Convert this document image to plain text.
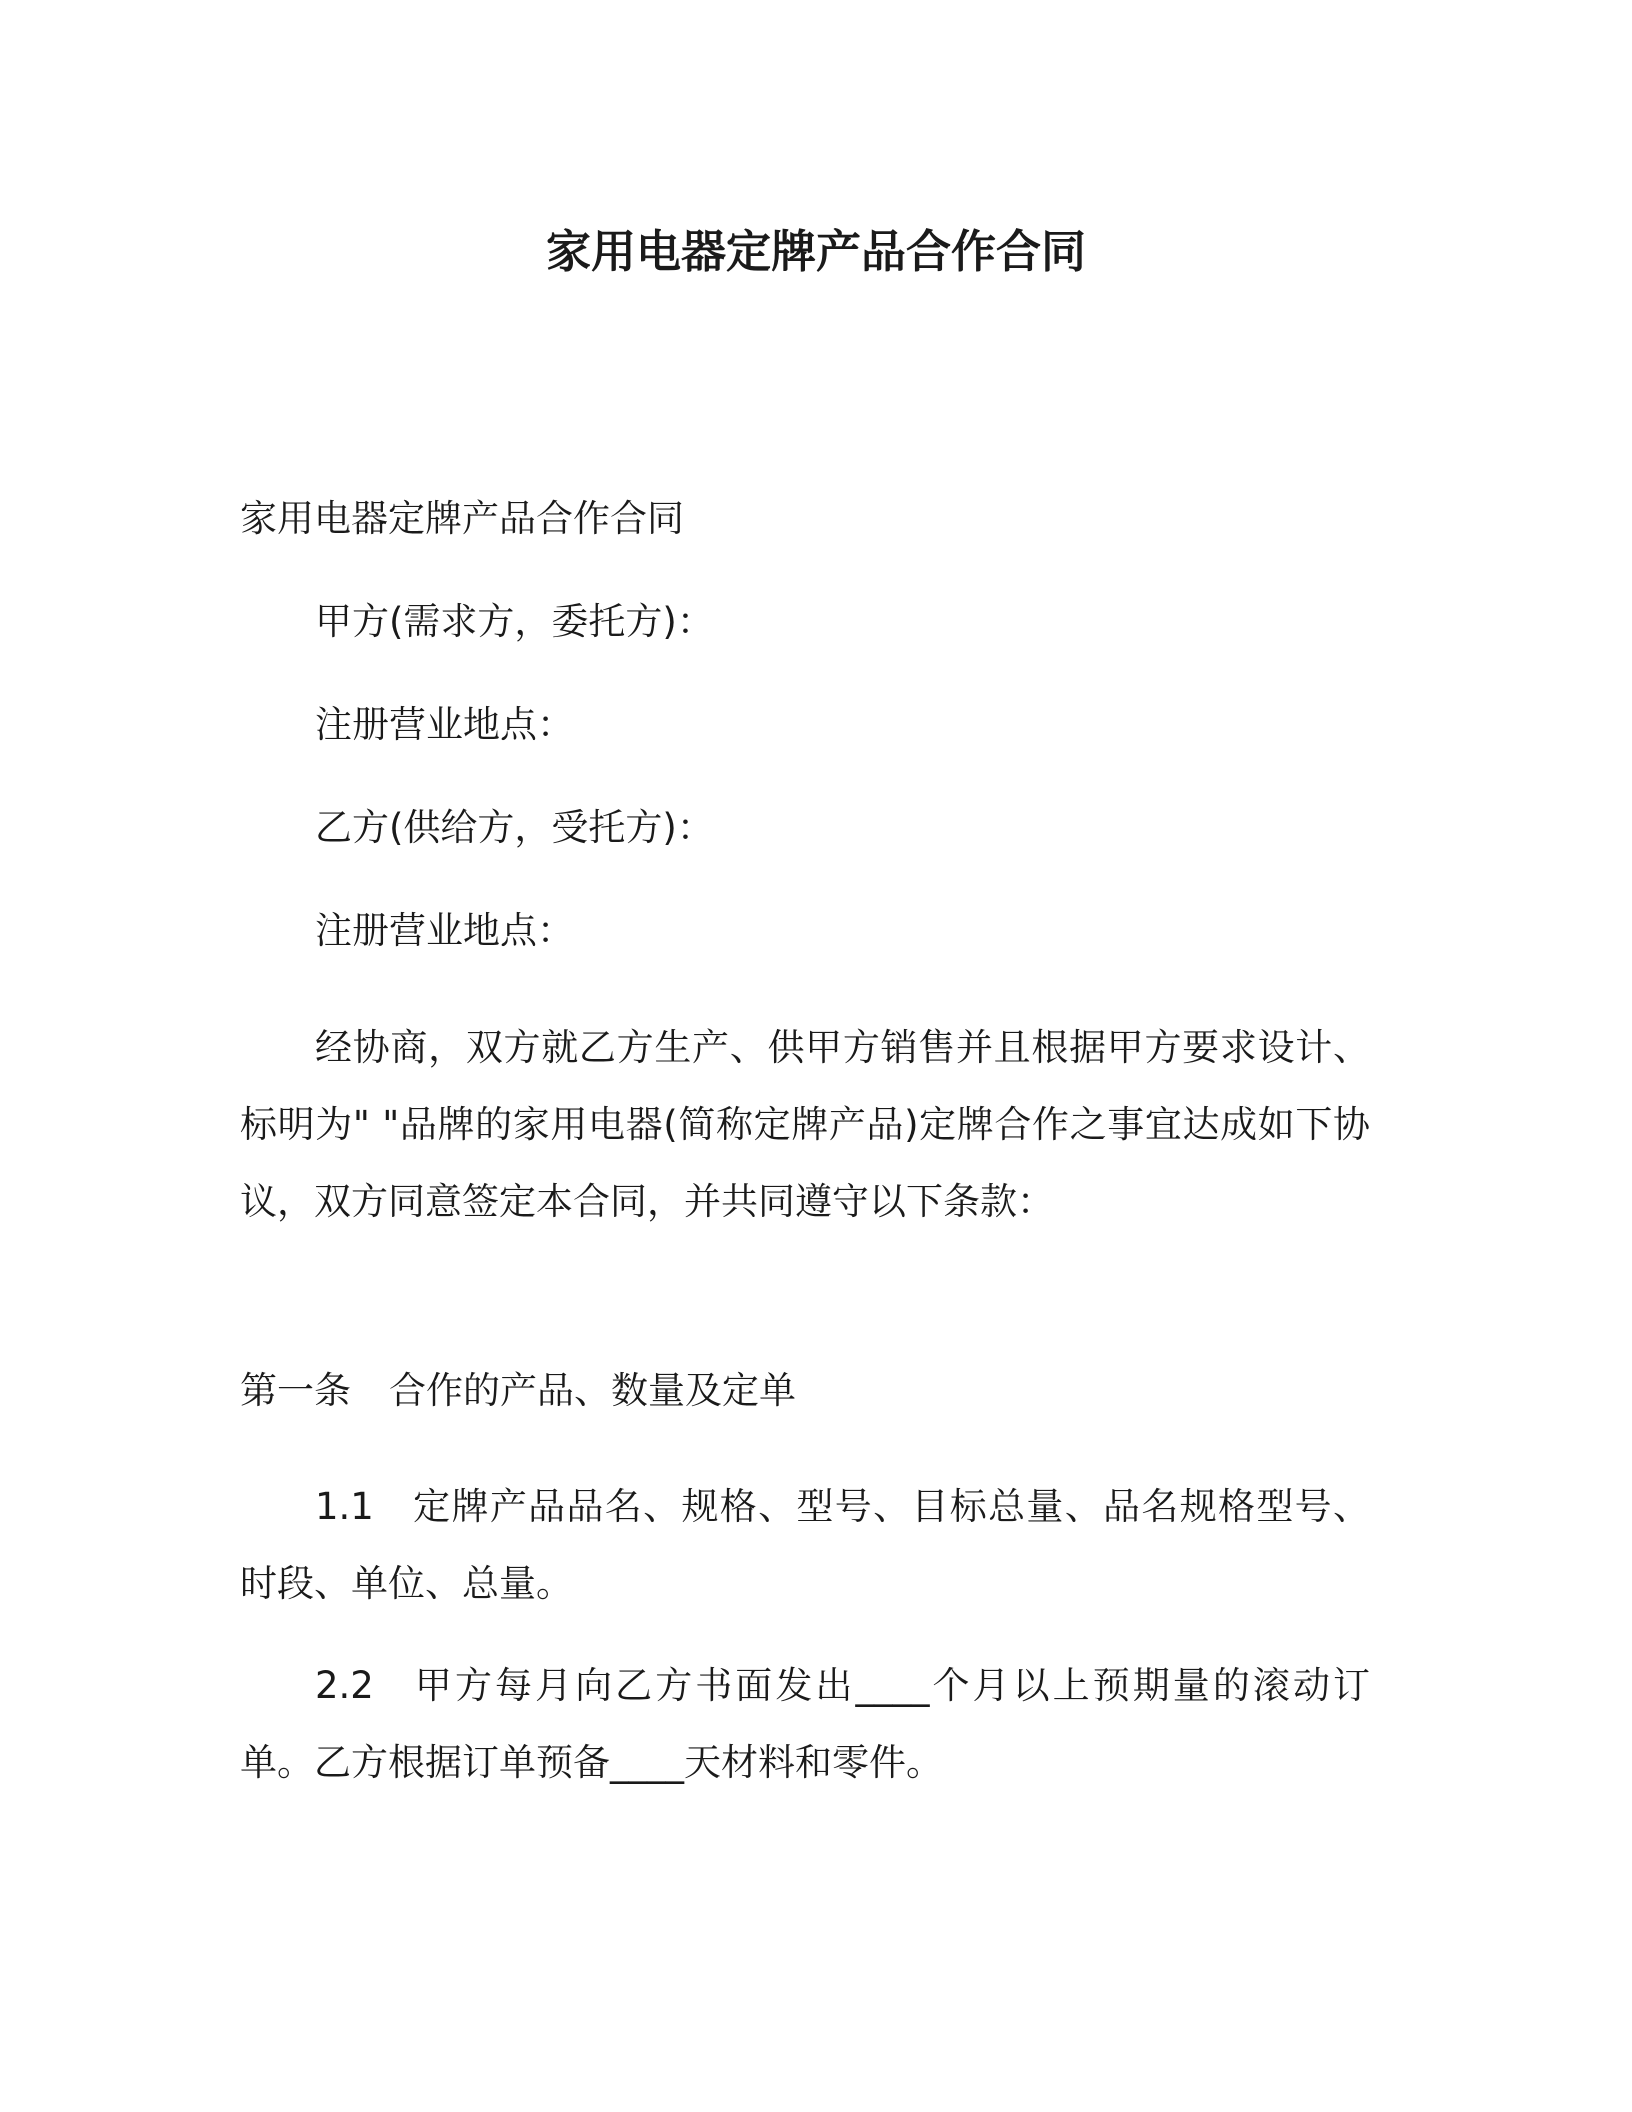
家用电器定牌产品合作合同
家用电器定牌产品合作合同
甲方(需求方，委托方)：
注册营业地点：
乙方(供给方，受托方)：
注册营业地点：
经协商，双方就乙方生产、供甲方销售并且根据甲方要求设计、标明为" "品牌的家用电器(简称定牌产品)定牌合作之事宜达成如下协议，双方同意签定本合同，并共同遵守以下条款：
第一条 合作的产品、数量及定单
1.1 定牌产品品名、规格、型号、目标总量、品名规格型号、时段、单位、总量。
2.2 甲方每月向乙方书面发出____个月以上预期量的滚动订单。乙方根据订单预备____天材料和零件。
